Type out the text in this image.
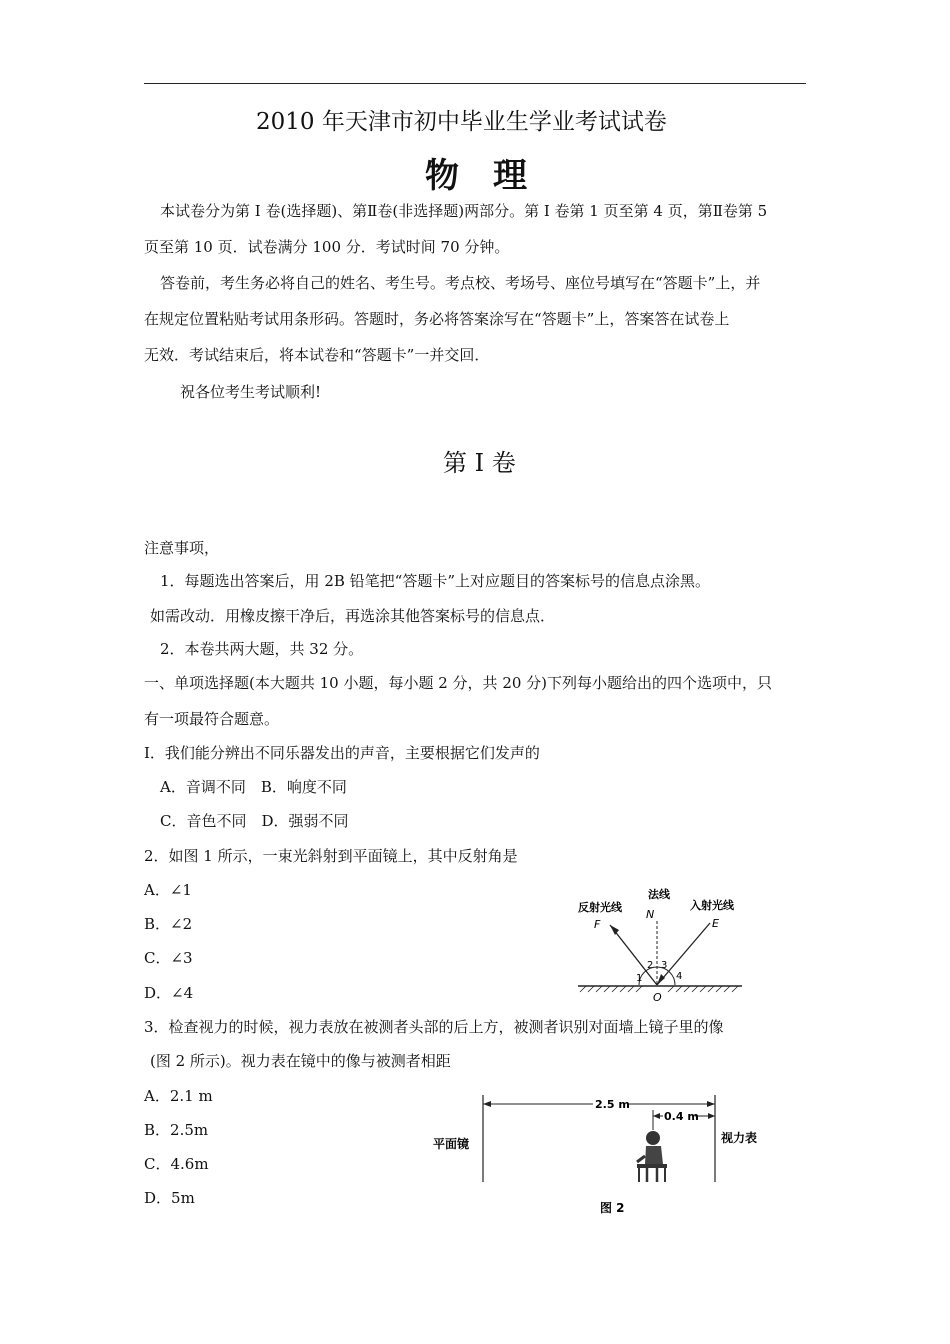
2010 年天津市初中毕业生学业考试试卷
物理
本试卷分为第 I 卷(选择题)、第Ⅱ卷(非选择题)两部分。第 I 卷第 1 页至第 4 页，第Ⅱ卷第 5
页至第 10 页．试卷满分 100 分．考试时间 70 分钟。
答卷前，考生务必将自己的姓名、考生号。考点校、考场号、座位号填写在“答题卡”上，并
在规定位置粘贴考试用条形码。答题时，务必将答案涂写在“答题卡”上，答案答在试卷上
无效．考试结束后，将本试卷和“答题卡”一并交回．
祝各位考生考试顺利!
第 I 卷
注意事项，
1．每题选出答案后，用 2B 铅笔把“答题卡”上对应题目的答案标号的信息点涂黑。
如需改动．用橡皮擦干净后，再选涂其他答案标号的信息点．
2．本卷共两大题，共 32 分。
一、单项选择题(本大题共 10 小题，每小题 2 分，共 20 分)下列每小题给出的四个选项中，只
有一项最符合题意。
I．我们能分辨出不同乐器发出的声音，主要根据它们发声的
A．音调不同　B．响度不同
C．音色不同　D．强弱不同
2．如图 1 所示，一束光斜射到平面镜上，其中反射角是
A．∠1
B．∠2
C．∠3
D．∠4
法线
N
反射光线
F
入射光线
E
1
2 3
4
O
3．检查视力的时候，视力表放在被测者头部的后上方，被测者识别对面墙上镜子里的像
(图 2 所示)。视力表在镜中的像与被测者相距
A．2.1 m
B．2.5m
C．4.6m
D．5m
2.5 m
0.4 m
平面镜	视力表
图 2
